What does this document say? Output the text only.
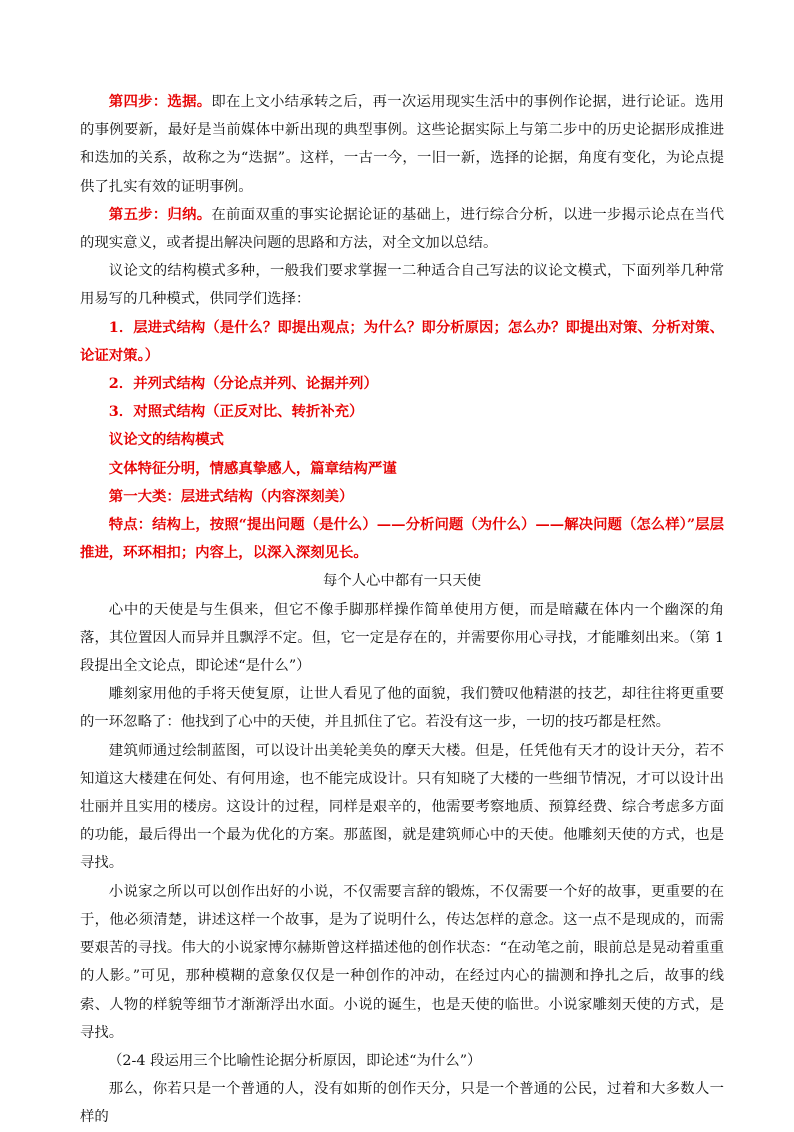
第四步：选据。即在上文小结承转之后，再一次运用现实生活中的事例作论据，进行论证。选用的事例要新，最好是当前媒体中新出现的典型事例。这些论据实际上与第二步中的历史论据形成推进和迭加的关系，故称之为“迭据”。这样，一古一今，一旧一新，选择的论据，角度有变化，为论点提供了扎实有效的证明事例。

第五步：归纳。在前面双重的事实论据论证的基础上，进行综合分析，以进一步揭示论点在当代的现实意义，或者提出解决问题的思路和方法，对全文加以总结。

议论文的结构模式多种，一般我们要求掌握一二种适合自己写法的议论文模式，下面列举几种常用易写的几种模式，供同学们选择：

1．层进式结构（是什么？即提出观点；为什么？即分析原因；怎么办？即提出对策、分析对策、论证对策。）

2．并列式结构（分论点并列、论据并列）

3．对照式结构（正反对比、转折补充）

议论文的结构模式

文体特征分明，情感真挚感人，篇章结构严谨

第一大类：层进式结构（内容深刻美）

特点：结构上，按照“提出问题（是什么）——分析问题（为什么）——解决问题（怎么样）”层层推进，环环相扣；内容上，以深入深刻见长。

每个人心中都有一只天使

心中的天使是与生俱来，但它不像手脚那样操作简单使用方便，而是暗藏在体内一个幽深的角落，其位置因人而异并且飘浮不定。但，它一定是存在的，并需要你用心寻找，才能雕刻出来。（第 1 段提出全文论点，即论述“是什么”）

雕刻家用他的手将天使复原，让世人看见了他的面貌，我们赞叹他精湛的技艺，却往往将更重要的一环忽略了：他找到了心中的天使，并且抓住了它。若没有这一步，一切的技巧都是枉然。

建筑师通过绘制蓝图，可以设计出美轮美奂的摩天大楼。但是，任凭他有天才的设计天分，若不知道这大楼建在何处、有何用途，也不能完成设计。只有知晓了大楼的一些细节情况，才可以设计出壮丽并且实用的楼房。这设计的过程，同样是艰辛的，他需要考察地质、预算经费、综合考虑多方面的功能，最后得出一个最为优化的方案。那蓝图，就是建筑师心中的天使。他雕刻天使的方式，也是寻找。

小说家之所以可以创作出好的小说，不仅需要言辞的锻炼，不仅需要一个好的故事，更重要的在于，他必须清楚，讲述这样一个故事，是为了说明什么，传达怎样的意念。这一点不是现成的，而需要艰苦的寻找。伟大的小说家博尔赫斯曾这样描述他的创作状态：“在动笔之前，眼前总是晃动着重重的人影。”可见，那种模糊的意象仅仅是一种创作的冲动，在经过内心的揣测和挣扎之后，故事的线索、人物的样貌等细节才渐渐浮出水面。小说的诞生，也是天使的临世。小说家雕刻天使的方式，是寻找。

（2-4 段运用三个比喻性论据分析原因，即论述“为什么”）

那么，你若只是一个普通的人，没有如斯的创作天分，只是一个普通的公民，过着和大多数人一样的
